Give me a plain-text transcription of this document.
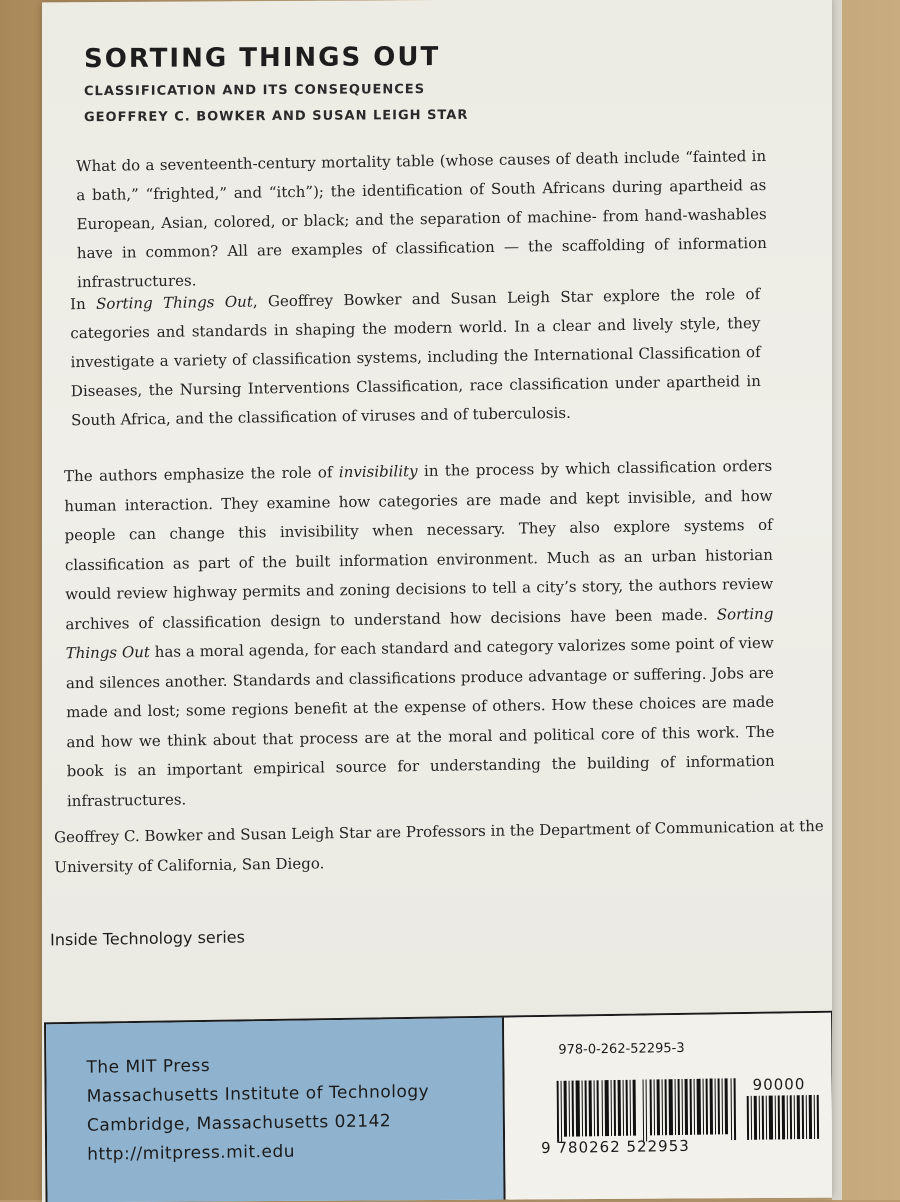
SORTING THINGS OUT
CLASSIFICATION AND ITS CONSEQUENCES
GEOFFREY C. BOWKER AND SUSAN LEIGH STAR

What do a seventeenth-century mortality table (whose causes of death include “fainted in a bath,” “frighted,” and “itch”); the identification of South Africans during apartheid as European, Asian, colored, or black; and the separation of machine- from hand-washables have in common? All are examples of classification — the scaffolding of information infrastructures.

In Sorting Things Out, Geoffrey Bowker and Susan Leigh Star explore the role of categories and standards in shaping the modern world. In a clear and lively style, they investigate a variety of classification systems, including the International Classification of Diseases, the Nursing Interventions Classification, race classification under apartheid in South Africa, and the classification of viruses and of tuberculosis.

The authors emphasize the role of invisibility in the process by which classification orders human interaction. They examine how categories are made and kept invisible, and how people can change this invisibility when necessary. They also explore systems of classification as part of the built information environment. Much as an urban historian would review highway permits and zoning decisions to tell a city’s story, the authors review archives of classification design to understand how decisions have been made. Sorting Things Out has a moral agenda, for each standard and category valorizes some point of view and silences another. Standards and classifications produce advantage or suffering. Jobs are made and lost; some regions benefit at the expense of others. How these choices are made and how we think about that process are at the moral and political core of this work. The book is an important empirical source for understanding the building of information infrastructures.

Geoffrey C. Bowker and Susan Leigh Star are Professors in the Department of Communication at the University of California, San Diego.

Inside Technology series
The MIT Press
Massachusetts Institute of Technology
Cambridge, Massachusetts 02142
http://mitpress.mit.edu
978-0-262-52295-3
90000
9 780262 522953
